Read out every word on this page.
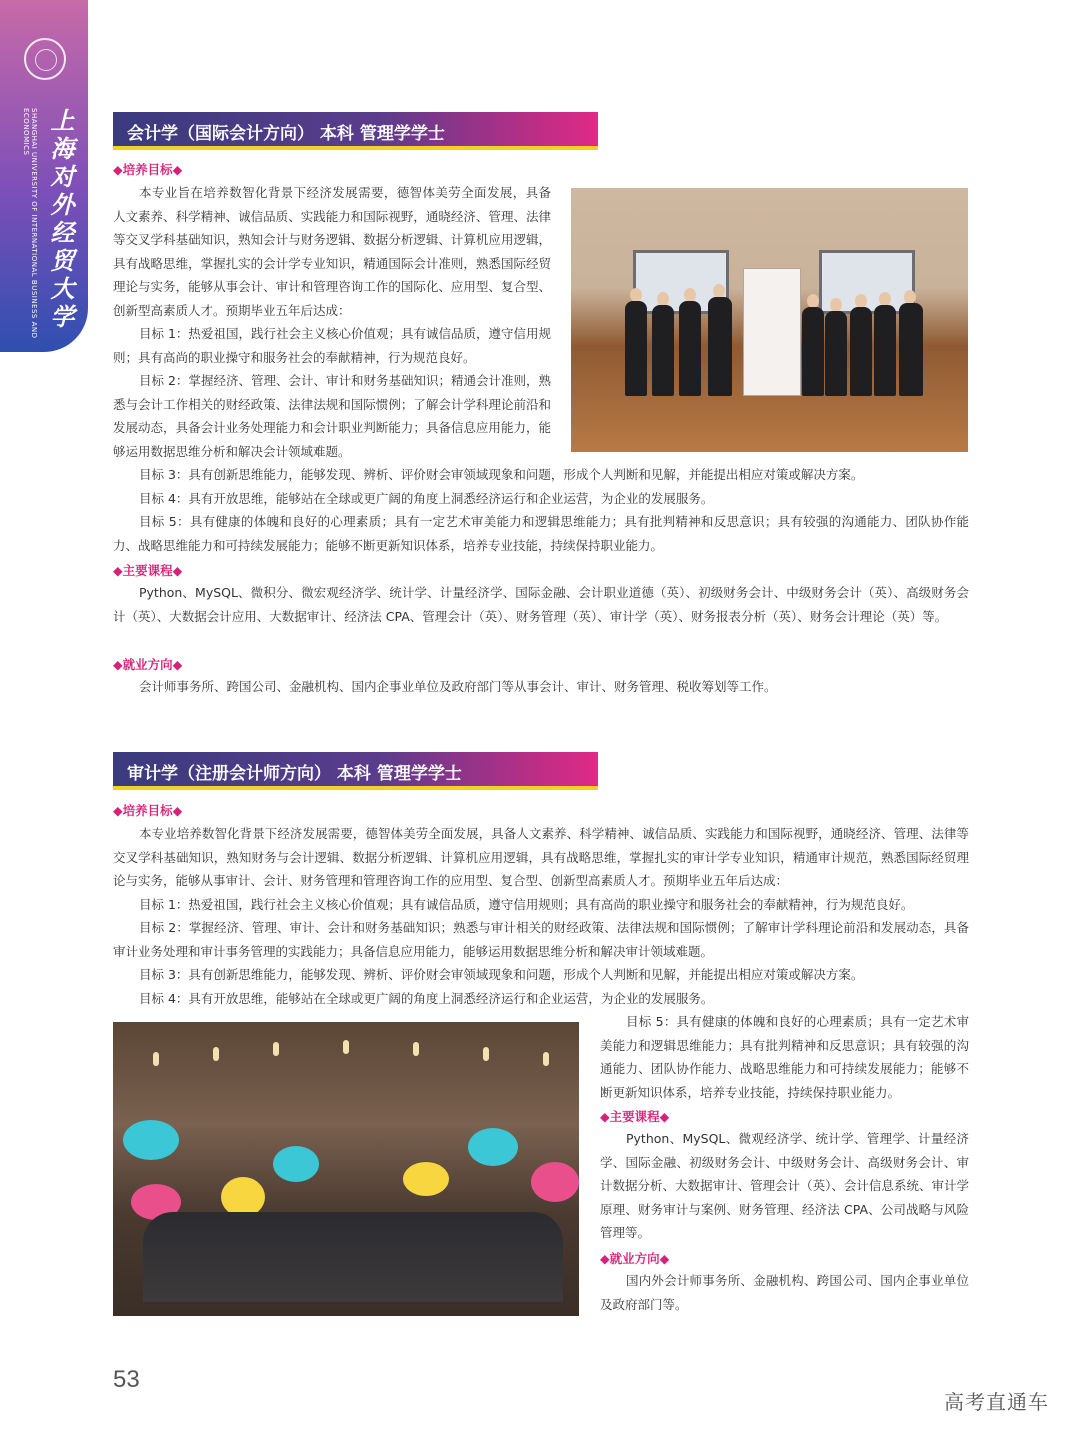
SHANGHAI UNIVERSITY OF INTERNATIONAL BUSINESS AND ECONOMICS 上海对外经贸大学	会计学（国际会计方向） 本科 管理学学士
◆培养目标◆

本专业旨在培养数智化背景下经济发展需要，德智体美劳全面发展，具备人文素养、科学精神、诚信品质、实践能力和国际视野，通晓经济、管理、法律等交叉学科基础知识，熟知会计与财务逻辑、数据分析逻辑、计算机应用逻辑，具有战略思维，掌握扎实的会计学专业知识，精通国际会计准则，熟悉国际经贸理论与实务，能够从事会计、审计和管理咨询工作的国际化、应用型、复合型、创新型高素质人才。预期毕业五年后达成：

目标 1：热爱祖国，践行社会主义核心价值观；具有诚信品质，遵守信用规则；具有高尚的职业操守和服务社会的奉献精神，行为规范良好。

目标 2：掌握经济、管理、会计、审计和财务基础知识；精通会计准则，熟悉与会计工作相关的财经政策、法律法规和国际惯例；了解会计学科理论前沿和发展动态，具备会计业务处理能力和会计职业判断能力；具备信息应用能力，能够运用数据思维分析和解决会计领域难题。

目标 3：具有创新思维能力，能够发现、辨析、评价财会审领域现象和问题，形成个人判断和见解，并能提出相应对策或解决方案。

目标 4：具有开放思维，能够站在全球或更广阔的角度上洞悉经济运行和企业运营，为企业的发展服务。

目标 5：具有健康的体魄和良好的心理素质；具有一定艺术审美能力和逻辑思维能力；具有批判精神和反思意识；具有较强的沟通能力、团队协作能力、战略思维能力和可持续发展能力；能够不断更新知识体系，培养专业技能，持续保持职业能力。

◆主要课程◆

Python、MySQL、微积分、微宏观经济学、统计学、计量经济学、国际金融、会计职业道德（英）、初级财务会计、中级财务会计（英）、高级财务会计（英）、大数据会计应用、大数据审计、经济法 CPA、管理会计（英）、财务管理（英）、审计学（英）、财务报表分析（英）、财务会计理论（英）等。

◆就业方向◆

会计师事务所、跨国公司、金融机构、国内企事业单位及政府部门等从事会计、审计、财务管理、税收筹划等工作。

审计学（注册会计师方向） 本科 管理学学士
◆培养目标◆

本专业培养数智化背景下经济发展需要，德智体美劳全面发展，具备人文素养、科学精神、诚信品质、实践能力和国际视野，通晓经济、管理、法律等交叉学科基础知识，熟知财务与会计逻辑、数据分析逻辑、计算机应用逻辑，具有战略思维，掌握扎实的审计学专业知识，精通审计规范，熟悉国际经贸理论与实务，能够从事审计、会计、财务管理和管理咨询工作的应用型、复合型、创新型高素质人才。预期毕业五年后达成：

目标 1：热爱祖国，践行社会主义核心价值观；具有诚信品质，遵守信用规则；具有高尚的职业操守和服务社会的奉献精神，行为规范良好。

目标 2：掌握经济、管理、审计、会计和财务基础知识；熟悉与审计相关的财经政策、法律法规和国际惯例；了解审计学科理论前沿和发展动态，具备审计业务处理和审计事务管理的实践能力；具备信息应用能力，能够运用数据思维分析和解决审计领域难题。

目标 3：具有创新思维能力，能够发现、辨析、评价财会审领域现象和问题，形成个人判断和见解，并能提出相应对策或解决方案。

目标 4：具有开放思维，能够站在全球或更广阔的角度上洞悉经济运行和企业运营，为企业的发展服务。

目标 5：具有健康的体魄和良好的心理素质；具有一定艺术审美能力和逻辑思维能力；具有批判精神和反思意识；具有较强的沟通能力、团队协作能力、战略思维能力和可持续发展能力；能够不断更新知识体系，培养专业技能，持续保持职业能力。

◆主要课程◆

Python、MySQL、微观经济学、统计学、管理学、计量经济学、国际金融、初级财务会计、中级财务会计、高级财务会计、审计数据分析、大数据审计、管理会计（英）、会计信息系统、审计学原理、财务审计与案例、财务管理、经济法 CPA、公司战略与风险管理等。

◆就业方向◆

国内外会计师事务所、金融机构、跨国公司、国内企事业单位及政府部门等。

53
高考直通车
